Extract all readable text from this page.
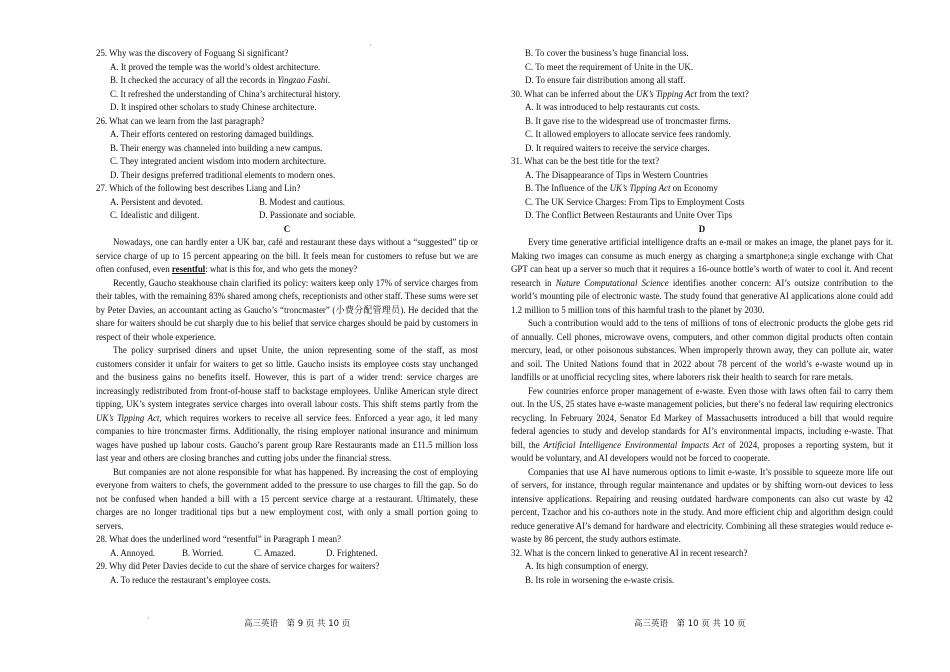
25. Why was the discovery of Foguang Si significant?

A. It proved the temple was the world’s oldest architecture.

B. It checked the accuracy of all the records in Yingzao Fashi.

C. It refreshed the understanding of China’s architectural history.

D. It inspired other scholars to study Chinese architecture.

26. What can we learn from the last paragraph?

A. Their efforts centered on restoring damaged buildings.

B. Their energy was channeled into building a new campus.

C. They integrated ancient wisdom into modern architecture.

D. Their designs preferred traditional elements to modern ones.

27. Which of the following best describes Liang and Lin?

A. Persistent and devoted.	B. Modest and cautious.
C. Idealistic and diligent.	D. Passionate and sociable.

C

Nowadays, one can hardly enter a UK bar, café and restaurant these days without a “suggested” tip or service charge of up to 15 percent appearing on the bill. It feels mean for customers to refuse but we are often confused, even resentful: what is this for, and who gets the money?

Recently, Gaucho steakhouse chain clarified its policy: waiters keep only 17% of service charges from their tables, with the remaining 83% shared among chefs, receptionists and other staff. These sums were set by Peter Davies, an accountant acting as Gaucho’s “troncmaster” (小费分配管理员). He decided that the share for waiters should be cut sharply due to his belief that service charges should be paid by customers in respect of their whole experience.

The policy surprised diners and upset Unite, the union representing some of the staff, as most customers consider it unfair for waiters to get so little. Gaucho insists its employee costs stay unchanged and the business gains no benefits itself. However, this is part of a wider trend: service charges are increasingly redistributed from front-of-house staff to backstage employees. Unlike American style direct tipping, UK’s system integrates service charges into overall labour costs. This shift stems partly from the UK’s Tipping Act, which requires workers to receive all service fees. Enforced a year ago, it led many companies to hire troncmaster firms. Additionally, the rising employer national insurance and minimum wages have pushed up labour costs. Gaucho’s parent group Rare Restaurants made an £11.5 million loss last year and others are closing branches and cutting jobs under the financial stress.

But companies are not alone responsible for what has happened. By increasing the cost of employing everyone from waiters to chefs, the government added to the pressure to use charges to fill the gap. So do not be confused when handed a bill with a 15 percent service charge at a restaurant. Ultimately, these charges are no longer traditional tips but a new employment cost, with only a small portion going to servers.

28. What does the underlined word “resentful” in Paragraph 1 mean?

A. Annoyed.	B. Worried.	C. Amazed.	D. Frightened.

29. Why did Peter Davies decide to cut the share of service charges for waiters?

A. To reduce the restaurant’s employee costs.

B. To cover the business’s huge financial loss.

C. To meet the requirement of Unite in the UK.

D. To ensure fair distribution among all staff.

30. What can be inferred about the UK’s Tipping Act from the text?

A. It was introduced to help restaurants cut costs.

B. It gave rise to the widespread use of troncmaster firms.

C. It allowed employers to allocate service fees randomly.

D. It required waiters to receive the service charges.

31. What can be the best title for the text?

A. The Disappearance of Tips in Western Countries

B. The Influence of the UK’s Tipping Act on Economy

C. The UK Service Charges: From Tips to Employment Costs

D. The Conflict Between Restaurants and Unite Over Tips

D

Every time generative artificial intelligence drafts an e-mail or makes an image, the planet pays for it. Making two images can consume as much energy as charging a smartphone;a single exchange with Chat GPT can heat up a server so much that it requires a 16-ounce bottle’s worth of water to cool it. And recent research in Nature Computational Science identifies another concern: AI’s outsize contribution to the world’s mounting pile of electronic waste. The study found that generative AI applications alone could add 1.2 million to 5 million tons of this harmful trash to the planet by 2030.

Such a contribution would add to the tens of millions of tons of electronic products the globe gets rid of annually. Cell phones, microwave ovens, computers, and other common digital products often contain mercury, lead, or other poisonous substances. When improperly thrown away, they can pollute air, water and soil. The United Nations found that in 2022 about 78 percent of the world’s e-waste wound up in landfills or at unofficial recycling sites, where laborers risk their health to search for rare metals.

Few countries enforce proper management of e-waste. Even those with laws often fail to carry them out. In the US, 25 states have e-waste management policies, but there’s no federal law requiring electronics recycling. In February 2024, Senator Ed Markey of Massachusetts introduced a bill that would require federal agencies to study and develop standards for AI’s environmental impacts, including e-waste. That bill, the Artificial Intelligence Environmental Impacts Act of 2024, proposes a reporting system, but it would be voluntary, and AI developers would not be forced to cooperate.

Companies that use AI have numerous options to limit e-waste. It’s possible to squeeze more life out of servers, for instance, through regular maintenance and updates or by shifting worn-out devices to less intensive applications. Repairing and reusing outdated hardware components can also cut waste by 42 percent, Tzachor and his co-authors note in the study. And more efficient chip and algorithm design could reduce generative AI’s demand for hardware and electricity. Combining all these strategies would reduce e-waste by 86 percent, the study authors estimate.

32. What is the concern linked to generative AI in recent research?

A. Its high consumption of energy.

B. Its role in worsening the e-waste crisis.

·
·
高三英语　第 9 页 共 10 页	高三英语　第 10 页 共 10 页
